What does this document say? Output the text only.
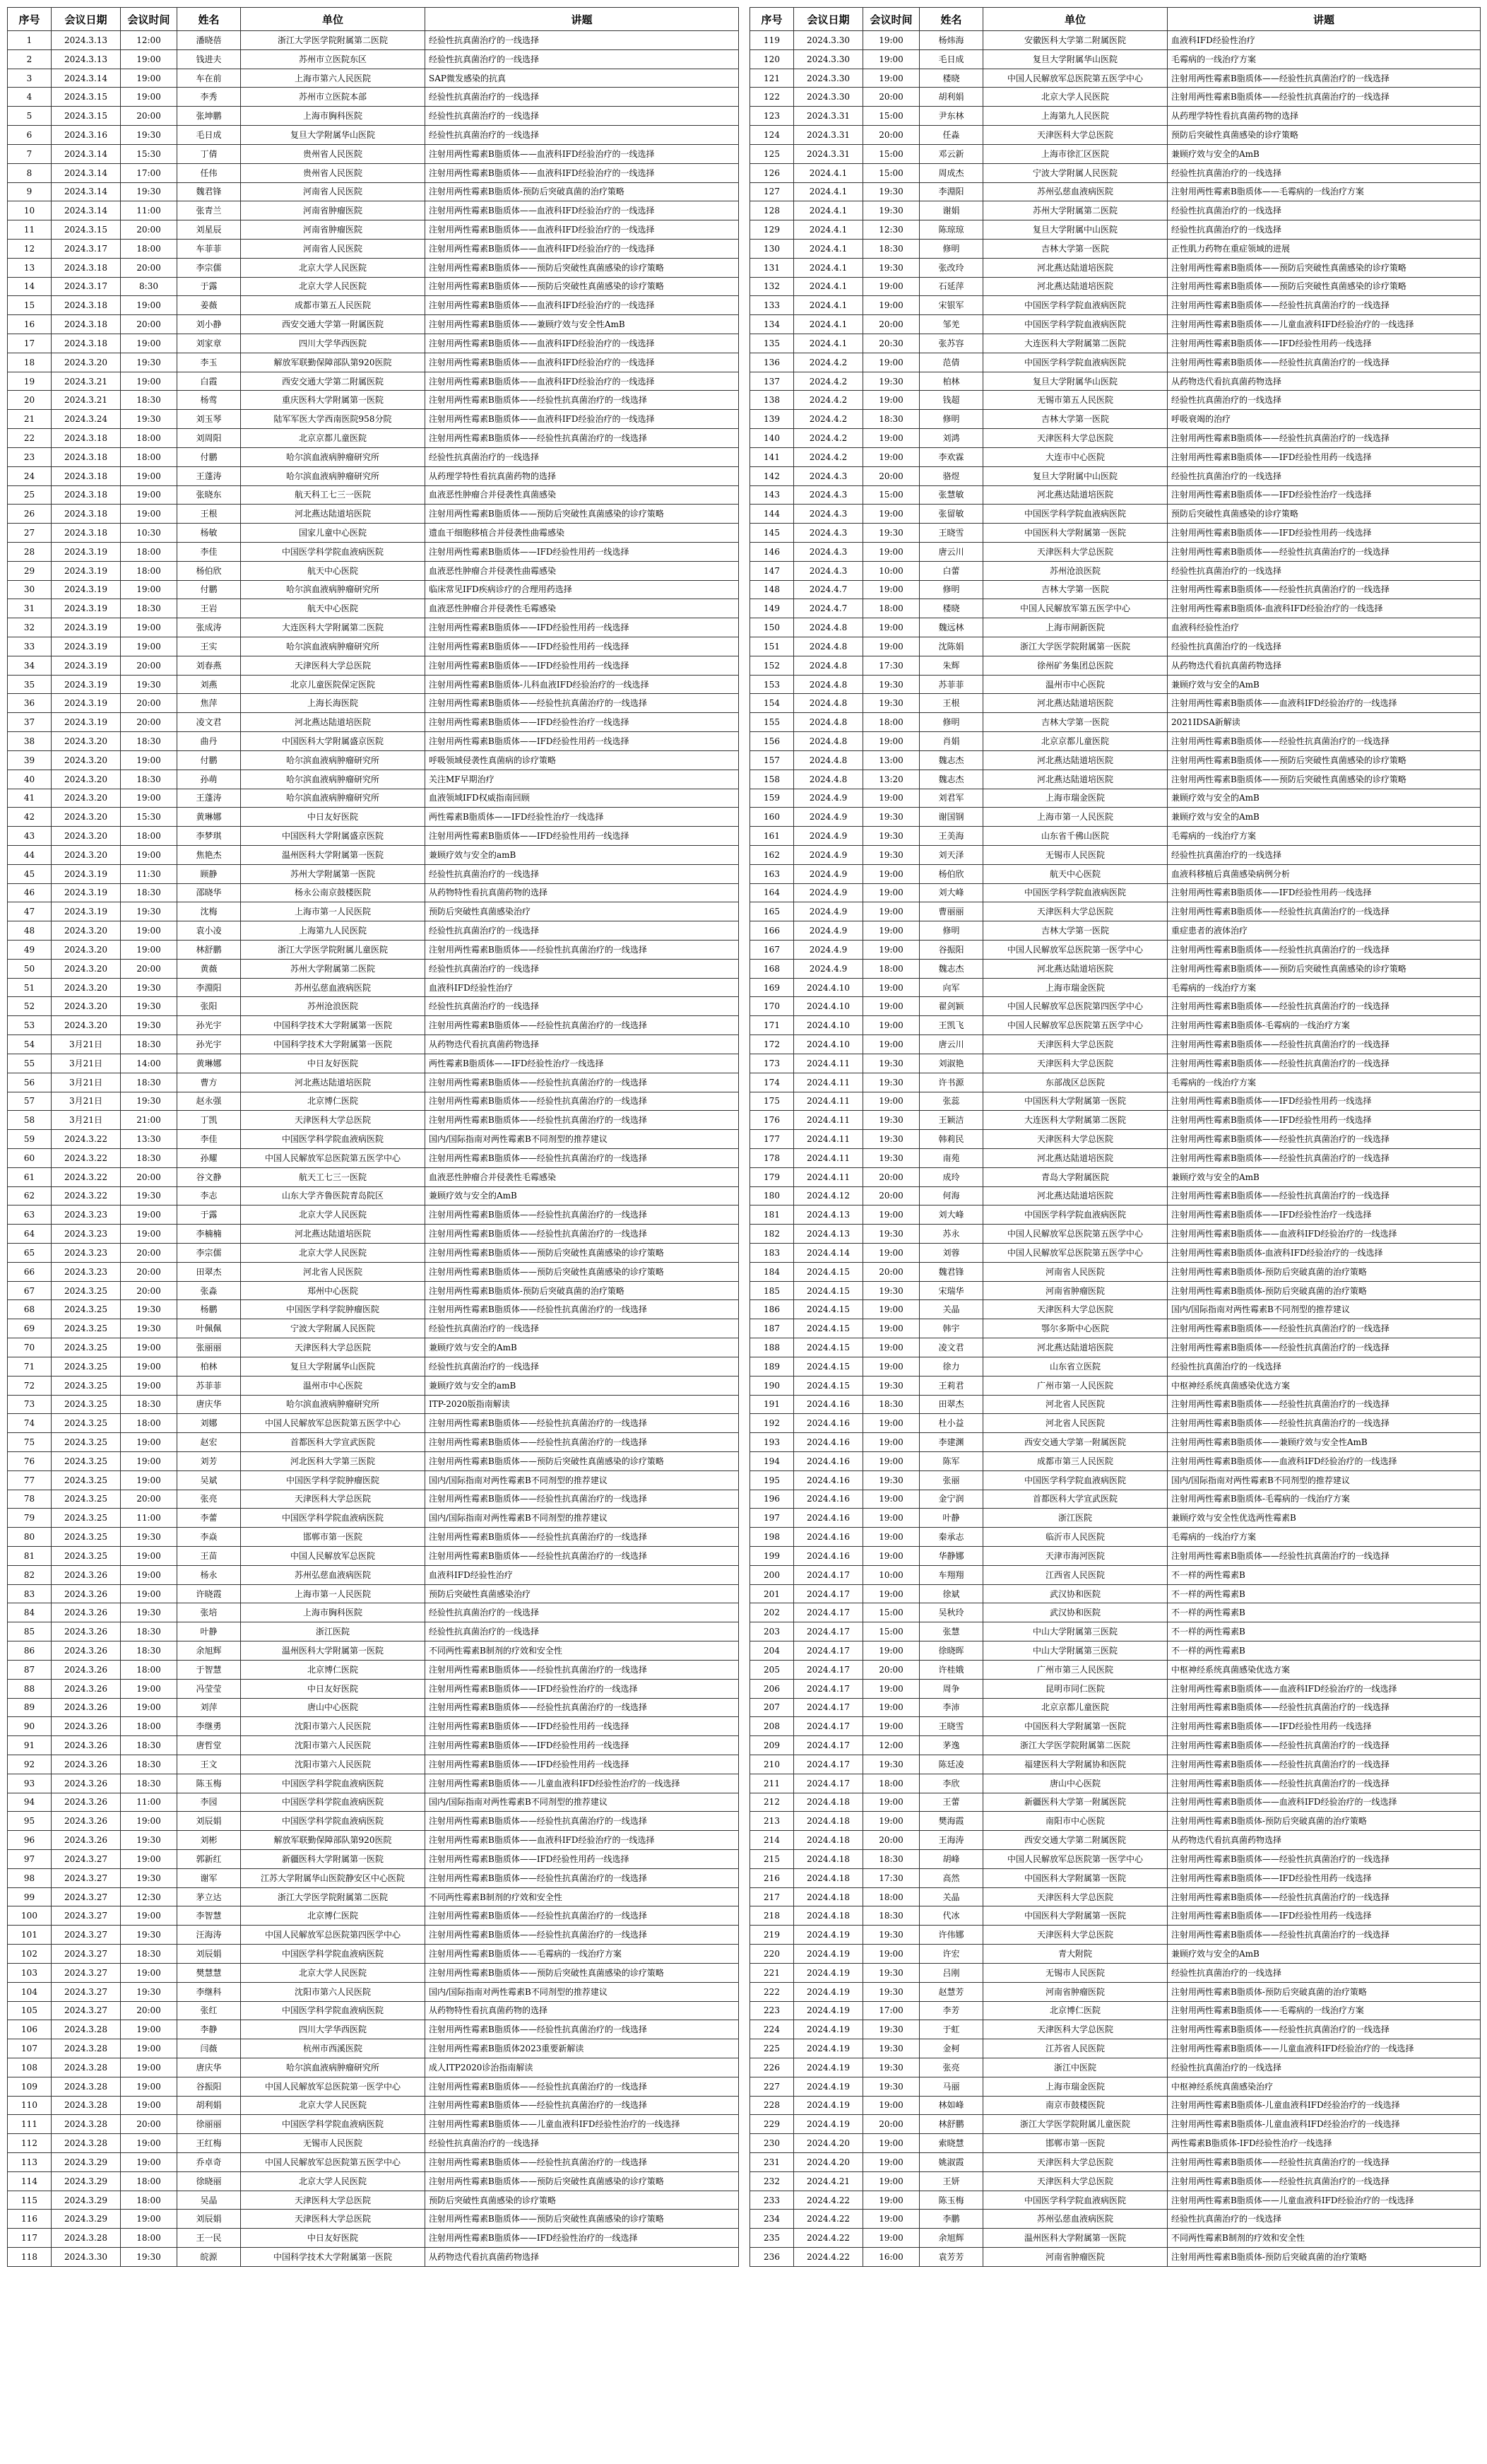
序号	会议日期	会议时间	姓名	单位	讲题
1	2024.3.13	12:00	潘晓蓓	浙江大学医学院附属第二医院	经验性抗真菌治疗的一线选择
2	2024.3.13	19:00	钱进夫	苏州市立医院东区	经验性抗真菌治疗的一线选择
3	2024.3.14	19:00	车在前	上海市第六人民医院	SAP微发感染的抗真
4	2024.3.15	19:00	李秀	苏州市立医院本部	经验性抗真菌治疗的一线选择
5	2024.3.15	20:00	张坤鹏	上海市胸科医院	经验性抗真菌治疗的一线选择
6	2024.3.16	19:30	毛日成	复旦大学附属华山医院	经验性抗真菌治疗的一线选择
7	2024.3.14	15:30	丁倩	贵州省人民医院	注射用两性霉素B脂质体——血液科IFD经验治疗的一线选择
8	2024.3.14	17:00	任伟	贵州省人民医院	注射用两性霉素B脂质体——血液科IFD经验治疗的一线选择
9	2024.3.14	19:30	魏君锋	河南省人民医院	注射用两性霉素B脂质体-预防后突破真菌的治疗策略
10	2024.3.14	11:00	张青兰	河南省肿瘤医院	注射用两性霉素B脂质体——血液科IFD经验治疗的一线选择
11	2024.3.15	20:00	刘星辰	河南省肿瘤医院	注射用两性霉素B脂质体——血液科IFD经验治疗的一线选择
12	2024.3.17	18:00	车菲菲	河南省人民医院	注射用两性霉素B脂质体——血液科IFD经验治疗的一线选择
13	2024.3.18	20:00	李宗儒	北京大学人民医院	注射用两性霉素B脂质体——预防后突破性真菌感染的诊疗策略
14	2024.3.17	8:30	于露	北京大学人民医院	注射用两性霉素B脂质体——预防后突破性真菌感染的诊疗策略
15	2024.3.18	19:00	姜薇	成都市第五人民医院	注射用两性霉素B脂质体——血液科IFD经验治疗的一线选择
16	2024.3.18	20:00	刘小静	西安交通大学第一附属医院	注射用两性霉素B脂质体——兼顾疗效与安全性AmB
17	2024.3.18	19:00	刘家章	四川大学华西医院	注射用两性霉素B脂质体——血液科IFD经验治疗的一线选择
18	2024.3.20	19:30	李玉	解放军联勤保障部队第920医院	注射用两性霉素B脂质体——血液科IFD经验治疗的一线选择
19	2024.3.21	19:00	白霞	西安交通大学第二附属医院	注射用两性霉素B脂质体——血液科IFD经验治疗的一线选择
20	2024.3.21	18:30	杨莺	重庆医科大学附属第一医院	注射用两性霉素B脂质体——经验性抗真菌治疗的一线选择
21	2024.3.24	19:30	刘玉琴	陆军军医大学西南医院958分院	注射用两性霉素B脂质体——血液科IFD经验治疗的一线选择
22	2024.3.18	18:00	刘周阳	北京京都儿童医院	注射用两性霉素B脂质体——经验性抗真菌治疗的一线选择
23	2024.3.18	18:00	付鹏	哈尔滨血液病肿瘤研究所	经验性抗真菌治疗的一线选择
24	2024.3.18	19:00	王蓬涛	哈尔滨血液病肿瘤研究所	从药理学特性看抗真菌药物的选择
25	2024.3.18	19:00	张晓东	航天科工七三一医院	血液恶性肿瘤合并侵袭性真菌感染
26	2024.3.18	19:00	王根	河北燕达陆道培医院	注射用两性霉素B脂质体——预防后突破性真菌感染的诊疗策略
27	2024.3.18	10:30	杨敏	国家儿童中心医院	遗血干细胞移植合并侵袭性曲霉感染
28	2024.3.19	18:00	李佳	中国医学科学院血液病医院	注射用两性霉素B脂质体——IFD经验性用药一线选择
29	2024.3.19	18:00	杨伯欣	航天中心医院	血液恶性肿瘤合并侵袭性曲霉感染
30	2024.3.19	19:00	付鹏	哈尔滨血液病肿瘤研究所	临床常见IFD疾病诊疗的合理用药选择
31	2024.3.19	18:30	王岩	航天中心医院	血液恶性肿瘤合并侵袭性毛霉感染
32	2024.3.19	19:00	张成涛	大连医科大学附属第二医院	注射用两性霉素B脂质体——IFD经验性用药一线选择
33	2024.3.19	19:00	王实	哈尔滨血液病肿瘤研究所	注射用两性霉素B脂质体——IFD经验性用药一线选择
34	2024.3.19	20:00	刘春燕	天津医科大学总医院	注射用两性霉素B脂质体——IFD经验性用药一线选择
35	2024.3.19	19:30	刘燕	北京儿童医院保定医院	注射用两性霉素B脂质体-儿科血液IFD经验治疗的一线选择
36	2024.3.19	20:00	焦萍	上海长海医院	注射用两性霉素B脂质体——经验性抗真菌治疗的一线选择
37	2024.3.19	20:00	凌文君	河北燕达陆道培医院	注射用两性霉素B脂质体——IFD经验性治疗一线选择
38	2024.3.20	18:30	曲丹	中国医科大学附属盛京医院	注射用两性霉素B脂质体——IFD经验性用药一线选择
39	2024.3.20	19:00	付鹏	哈尔滨血液病肿瘤研究所	呼吸领域侵袭性真菌病的诊疗策略
40	2024.3.20	18:30	孙萌	哈尔滨血液病肿瘤研究所	关注MF早期治疗
41	2024.3.20	19:00	王蓬涛	哈尔滨血液病肿瘤研究所	血液领域IFD权威指南回顾
42	2024.3.20	15:30	黄琳娜	中日友好医院	两性霉素B脂质体——IFD经验性治疗一线选择
43	2024.3.20	18:00	李梦琪	中国医科大学附属盛京医院	注射用两性霉素B脂质体——IFD经验性用药一线选择
44	2024.3.20	19:00	焦艳杰	温州医科大学附属第一医院	兼顾疗效与安全的amB
45	2024.3.19	11:30	顾静	苏州大学附属第一医院	经验性抗真菌治疗的一线选择
46	2024.3.19	18:30	邵晓华	杨永公南京鼓楼医院	从药物特性看抗真菌药物的选择
47	2024.3.19	19:30	沈梅	上海市第一人民医院	预防后突破性真菌感染治疗
48	2024.3.20	19:00	袁小凌	上海第九人民医院	经验性抗真菌治疗的一线选择
49	2024.3.20	19:00	林舒鹏	浙江大学医学院附属儿童医院	注射用两性霉素B脂质体——经验性抗真菌治疗的一线选择
50	2024.3.20	20:00	黄薇	苏州大学附属第二医院	经验性抗真菌治疗的一线选择
51	2024.3.20	19:30	李淵阳	苏州弘慈血液病医院	血液科IFD经验性治疗
52	2024.3.20	19:30	张阳	苏州沧浪医院	经验性抗真菌治疗的一线选择
53	2024.3.20	19:30	孙光宇	中国科学技术大学附属第一医院	注射用两性霉素B脂质体——经验性抗真菌治疗的一线选择
54	3月21日	18:30	孙光宇	中国科学技术大学附属第一医院	从药物迭代看抗真菌药物选择
55	3月21日	14:00	黄琳娜	中日友好医院	两性霉素B脂质体——IFD经验性治疗一线选择
56	3月21日	18:30	曹方	河北燕达陆道培医院	注射用两性霉素B脂质体——经验性抗真菌治疗的一线选择
57	3月21日	19:30	赵永强	北京博仁医院	注射用两性霉素B脂质体——经验性抗真菌治疗的一线选择
58	3月21日	21:00	丁凯	天津医科大学总医院	注射用两性霉素B脂质体——经验性抗真菌治疗的一线选择
59	2024.3.22	13:30	李佳	中国医学科学院血液病医院	国内/国际指南对两性霉素B不同剂型的推荐建议
60	2024.3.22	18:30	孙耀	中国人民解放军总医院第五医学中心	注射用两性霉素B脂质体——经验性抗真菌治疗的一线选择
61	2024.3.22	20:00	谷文静	航天工七三一医院	血液恶性肿瘤合并侵袭性毛霉感染
62	2024.3.22	19:30	李志	山东大学齐鲁医院青岛院区	兼顾疗效与安全的AmB
63	2024.3.23	19:00	于露	北京大学人民医院	注射用两性霉素B脂质体——经验性抗真菌治疗的一线选择
64	2024.3.23	19:00	李楠楠	河北燕达陆道培医院	注射用两性霉素B脂质体——经验性抗真菌治疗的一线选择
65	2024.3.23	20:00	李宗儒	北京大学人民医院	注射用两性霉素B脂质体——预防后突破性真菌感染的诊疗策略
66	2024.3.23	20:00	田翠杰	河北省人民医院	注射用两性霉素B脂质体——预防后突破性真菌感染的诊疗策略
67	2024.3.25	20:00	张淼	郑州中心医院	注射用两性霉素B脂质体-预防后突破真菌的治疗策略
68	2024.3.25	19:30	杨鹏	中国医学科学院肿瘤医院	注射用两性霉素B脂质体——经验性抗真菌治疗的一线选择
69	2024.3.25	19:30	叶佩佩	宁波大学附属人民医院	经验性抗真菌治疗的一线选择
70	2024.3.25	19:00	张丽丽	天津医科大学总医院	兼顾疗效与安全的AmB
71	2024.3.25	19:00	柏林	复旦大学附属华山医院	经验性抗真菌治疗的一线选择
72	2024.3.25	19:00	苏菲菲	温州市中心医院	兼顾疗效与安全的amB
73	2024.3.25	18:30	唐庆华	哈尔滨血液病肿瘤研究所	ITP-2020版指南解读
74	2024.3.25	18:00	刘娜	中国人民解放军总医院第五医学中心	注射用两性霉素B脂质体——经验性抗真菌治疗的一线选择
75	2024.3.25	19:00	赵宏	首都医科大学宣武医院	注射用两性霉素B脂质体——经验性抗真菌治疗的一线选择
76	2024.3.25	19:00	刘芳	河北医科大学第三医院	注射用两性霉素B脂质体——预防后突破性真菌感染的诊疗策略
77	2024.3.25	19:00	吴斌	中国医学科学院肿瘤医院	国内/国际指南对两性霉素B不同剂型的推荐建议
78	2024.3.25	20:00	张亮	天津医科大学总医院	注射用两性霉素B脂质体——经验性抗真菌治疗的一线选择
79	2024.3.25	11:00	李蕾	中国医学科学院血液病医院	国内/国际指南对两性霉素B不同剂型的推荐建议
80	2024.3.25	19:30	李焱	邯郸市第一医院	注射用两性霉素B脂质体——经验性抗真菌治疗的一线选择
81	2024.3.25	19:00	王苗	中国人民解放军总医院	注射用两性霉素B脂质体——经验性抗真菌治疗的一线选择
82	2024.3.26	19:00	杨永	苏州弘慈血液病医院	血液科IFD经验性治疗
83	2024.3.26	19:00	许晓霞	上海市第一人民医院	预防后突破性真菌感染治疗
84	2024.3.26	19:30	张培	上海市胸科医院	经验性抗真菌治疗的一线选择
85	2024.3.26	18:30	叶静	浙江医院	经验性抗真菌治疗的一线选择
86	2024.3.26	18:30	余旭辉	温州医科大学附属第一医院	不同两性霉素B制剂的疗效和安全性
87	2024.3.26	18:00	于智慧	北京博仁医院	注射用两性霉素B脂质体——经验性抗真菌治疗的一线选择
88	2024.3.26	19:00	冯莹莹	中日友好医院	注射用两性霉素B脂质体——IFD经验性治疗的一线选择
89	2024.3.26	19:00	刘萍	唐山中心医院	注射用两性霉素B脂质体——经验性抗真菌治疗的一线选择
90	2024.3.26	18:00	李继勇	沈阳市第六人民医院	注射用两性霉素B脂质体——IFD经验性用药一线选择
91	2024.3.26	18:30	唐哲堂	沈阳市第六人民医院	注射用两性霉素B脂质体——IFD经验性用药一线选择
92	2024.3.26	18:30	王文	沈阳市第六人民医院	注射用两性霉素B脂质体——IFD经验性用药一线选择
93	2024.3.26	18:30	陈玉梅	中国医学科学院血液病医院	注射用两性霉素B脂质体——儿童血液科IFD经验性治疗的一线选择
94	2024.3.26	11:00	李园	中国医学科学院血液病医院	国内/国际指南对两性霉素B不同剂型的推荐建议
95	2024.3.26	19:00	刘辰娟	中国医学科学院血液病医院	注射用两性霉素B脂质体——经验性抗真菌治疗的一线选择
96	2024.3.26	19:30	刘彬	解放军联勤保障部队第920医院	注射用两性霉素B脂质体——血液科IFD经验治疗的一线选择
97	2024.3.27	19:00	郭新红	新疆医科大学附属第一医院	注射用两性霉素B脂质体——IFD经验性用药一线选择
98	2024.3.27	19:30	谢军	江苏大学附属华山医院静安区中心医院	注射用两性霉素B脂质体——经验性抗真菌治疗的一线选择
99	2024.3.27	12:30	茅立达	浙江大学医学院附属第二医院	不同两性霉素B制剂的疗效和安全性
100	2024.3.27	19:00	李智慧	北京博仁医院	注射用两性霉素B脂质体——经验性抗真菌治疗的一线选择
101	2024.3.27	19:30	汪海涛	中国人民解放军总医院第四医学中心	注射用两性霉素B脂质体——经验性抗真菌治疗的一线选择
102	2024.3.27	18:30	刘辰娟	中国医学科学院血液病医院	注射用两性霉素B脂质体——毛霉病的一线治疗方案
103	2024.3.27	19:00	樊慧慧	北京大学人民医院	注射用两性霉素B脂质体——预防后突破性真菌感染的诊疗策略
104	2024.3.27	19:30	李继科	沈阳市第六人民医院	国内/国际指南对两性霉素B不同剂型的推荐建议
105	2024.3.27	20:00	张红	中国医学科学院血液病医院	从药物特性看抗真菌药物的选择
106	2024.3.28	19:00	李静	四川大学华西医院	注射用两性霉素B脂质体——经验性抗真菌治疗的一线选择
107	2024.3.28	19:00	闫薇	杭州市西溪医院	注射用两性霉素B脂质体2023重要新解读
108	2024.3.28	19:00	唐庆华	哈尔滨血液病肿瘤研究所	成人ITP2020诊治指南解读
109	2024.3.28	19:00	谷振阳	中国人民解放军总医院第一医学中心	注射用两性霉素B脂质体——经验性抗真菌治疗的一线选择
110	2024.3.28	19:00	胡利娟	北京大学人民医院	注射用两性霉素B脂质体——经验性抗真菌治疗的一线选择
111	2024.3.28	20:00	徐丽丽	中国医学科学院血液病医院	注射用两性霉素B脂质体——儿童血液科IFD经验性治疗的一线选择
112	2024.3.28	19:00	王红梅	无锡市人民医院	经验性抗真菌治疗的一线选择
113	2024.3.29	19:00	乔卓奇	中国人民解放军总医院第五医学中心	注射用两性霉素B脂质体——经验性抗真菌治疗的一线选择
114	2024.3.29	18:00	徐晓丽	北京大学人民医院	注射用两性霉素B脂质体——预防后突破性真菌感染的诊疗策略
115	2024.3.29	18:00	吴晶	天津医科大学总医院	预防后突破性真菌感染的诊疗策略
116	2024.3.29	19:00	刘辰娟	天津医科大学总医院	注射用两性霉素B脂质体——预防后突破性真菌感染的诊疗策略
117	2024.3.28	18:00	王一民	中日友好医院	注射用两性霉素B脂质体——IFD经验性治疗的一线选择
118	2024.3.30	19:30	皖源	中国科学技术大学附属第一医院	从药物迭代看抗真菌药物选择
序号	会议日期	会议时间	姓名	单位	讲题
119	2024.3.30	19:00	杨炜海	安徽医科大学第二附属医院	血液科IFD经验性治疗
120	2024.3.30	19:00	毛日成	复旦大学附属华山医院	毛霉病的一线治疗方案
121	2024.3.30	19:00	楼晓	中国人民解放军总医院第五医学中心	注射用两性霉素B脂质体——经验性抗真菌治疗的一线选择
122	2024.3.30	20:00	胡利娟	北京大学人民医院	注射用两性霉素B脂质体——经验性抗真菌治疗的一线选择
123	2024.3.31	15:00	尹东林	上海第九人民医院	从药理学特性看抗真菌药物的选择
124	2024.3.31	20:00	任淼	天津医科大学总医院	预防后突破性真菌感染的诊疗策略
125	2024.3.31	15:00	邓云新	上海市徐汇区医院	兼顾疗效与安全的AmB
126	2024.4.1	15:00	周成杰	宁波大学附属人民医院	经验性抗真菌治疗的一线选择
127	2024.4.1	19:30	李淵阳	苏州弘慈血液病医院	注射用两性霉素B脂质体——毛霉病的一线治疗方案
128	2024.4.1	19:30	谢娟	苏州大学附属第二医院	经验性抗真菌治疗的一线选择
129	2024.4.1	12:30	陈琼琼	复旦大学附属中山医院	经验性抗真菌治疗的一线选择
130	2024.4.1	18:30	修明	吉林大学第一医院	正性肌力药物在重症领域的进展
131	2024.4.1	19:30	张改玲	河北燕达陆道培医院	注射用两性霉素B脂质体——预防后突破性真菌感染的诊疗策略
132	2024.4.1	19:00	石延萍	河北燕达陆道培医院	注射用两性霉素B脂质体——预防后突破性真菌感染的诊疗策略
133	2024.4.1	19:00	宋银军	中国医学科学院血液病医院	注射用两性霉素B脂质体——经验性抗真菌治疗的一线选择
134	2024.4.1	20:00	邹羌	中国医学科学院血液病医院	注射用两性霉素B脂质体——儿童血液科IFD经验治疗的一线选择
135	2024.4.1	20:30	张苏容	大连医科大学附属第二医院	注射用两性霉素B脂质体——IFD经验性用药一线选择
136	2024.4.2	19:00	范倩	中国医学科学院血液病医院	注射用两性霉素B脂质体——经验性抗真菌治疗的一线选择
137	2024.4.2	19:30	柏林	复旦大学附属华山医院	从药物迭代看抗真菌药物选择
138	2024.4.2	19:00	钱超	无锡市第五人民医院	经验性抗真菌治疗的一线选择
139	2024.4.2	18:30	修明	吉林大学第一医院	呼吸衰竭的治疗
140	2024.4.2	19:00	刘鸿	天津医科大学总医院	注射用两性霉素B脂质体——经验性抗真菌治疗的一线选择
141	2024.4.2	19:00	李欢霖	大连市中心医院	注射用两性霉素B脂质体——IFD经验性用药一线选择
142	2024.4.3	20:00	骆煜	复旦大学附属中山医院	经验性抗真菌治疗的一线选择
143	2024.4.3	15:00	张慧敏	河北燕达陆道培医院	注射用两性霉素B脂质体——IFD经验性治疗一线选择
144	2024.4.3	19:00	张留敏	中国医学科学院血液病医院	预防后突破性真菌感染的诊疗策略
145	2024.4.3	19:30	王晓雪	中国医科大学附属第一医院	注射用两性霉素B脂质体——IFD经验性用药一线选择
146	2024.4.3	19:00	唐云川	天津医科大学总医院	注射用两性霉素B脂质体——经验性抗真菌治疗的一线选择
147	2024.4.3	10:00	白蕾	苏州沧浪医院	经验性抗真菌治疗的一线选择
148	2024.4.7	19:00	修明	吉林大学第一医院	注射用两性霉素B脂质体——经验性抗真菌治疗的一线选择
149	2024.4.7	18:00	楼晓	中国人民解放军第五医学中心	注射用两性霉素B脂质体-血液科IFD经验治疗的一线选择
150	2024.4.8	19:00	魏远林	上海市闸新医院	血液科经验性治疗
151	2024.4.8	19:00	沈陈娟	浙江大学医学院附属第一医院	经验性抗真菌治疗的一线选择
152	2024.4.8	17:30	朱辉	徐州矿务集团总医院	从药物迭代看抗真菌药物选择
153	2024.4.8	19:30	苏菲菲	温州市中心医院	兼顾疗效与安全的AmB
154	2024.4.8	19:30	王根	河北燕达陆道培医院	注射用两性霉素B脂质体——血液科IFD经验治疗的一线选择
155	2024.4.8	18:00	修明	吉林大学第一医院	2021IDSA新解读
156	2024.4.8	19:00	肖娟	北京京都儿童医院	注射用两性霉素B脂质体——经验性抗真菌治疗的一线选择
157	2024.4.8	13:00	魏志杰	河北燕达陆道培医院	注射用两性霉素B脂质体——预防后突破性真菌感染的诊疗策略
158	2024.4.8	13:20	魏志杰	河北燕达陆道培医院	注射用两性霉素B脂质体——预防后突破性真菌感染的诊疗策略
159	2024.4.9	19:00	刘君军	上海市瑞金医院	兼顾疗效与安全的AmB
160	2024.4.9	19:30	谢国钢	上海市第一人民医院	兼顾疗效与安全的AmB
161	2024.4.9	19:30	王美海	山东省千佛山医院	毛霉病的一线治疗方案
162	2024.4.9	19:30	刘天泽	无锡市人民医院	经验性抗真菌治疗的一线选择
163	2024.4.9	19:00	杨伯欣	航天中心医院	血液科移植后真菌感染病例分析
164	2024.4.9	19:00	刘大峰	中国医学科学院血液病医院	注射用两性霉素B脂质体——IFD经验性用药一线选择
165	2024.4.9	19:00	曹丽丽	天津医科大学总医院	注射用两性霉素B脂质体——经验性抗真菌治疗的一线选择
166	2024.4.9	19:00	修明	吉林大学第一医院	重症患者的液体治疗
167	2024.4.9	19:00	谷振阳	中国人民解放军总医院第一医学中心	注射用两性霉素B脂质体——经验性抗真菌治疗的一线选择
168	2024.4.9	18:00	魏志杰	河北燕达陆道培医院	注射用两性霉素B脂质体——预防后突破性真菌感染的诊疗策略
169	2024.4.10	19:00	向军	上海市瑞金医院	毛霉病的一线治疗方案
170	2024.4.10	19:00	翟剑颖	中国人民解放军总医院第四医学中心	注射用两性霉素B脂质体——经验性抗真菌治疗的一线选择
171	2024.4.10	19:00	王凯飞	中国人民解放军总医院第五医学中心	注射用两性霉素B脂质体-毛霉病的一线治疗方案
172	2024.4.10	19:00	唐云川	天津医科大学总医院	注射用两性霉素B脂质体——经验性抗真菌治疗的一线选择
173	2024.4.11	19:30	刘淑艳	天津医科大学总医院	注射用两性霉素B脂质体——经验性抗真菌治疗的一线选择
174	2024.4.11	19:30	许书源	东部战区总医院	毛霉病的一线治疗方案
175	2024.4.11	19:00	张蕊	中国医科大学附属第一医院	注射用两性霉素B脂质体——IFD经验性用药一线选择
176	2024.4.11	19:30	王颖洁	大连医科大学附属第二医院	注射用两性霉素B脂质体——IFD经验性用药一线选择
177	2024.4.11	19:30	韩莉民	天津医科大学总医院	注射用两性霉素B脂质体——经验性抗真菌治疗的一线选择
178	2024.4.11	19:30	南苑	河北燕达陆道培医院	注射用两性霉素B脂质体——经验性抗真菌治疗的一线选择
179	2024.4.11	20:00	成玲	青岛大学附属医院	兼顾疗效与安全的AmB
180	2024.4.12	20:00	何海	河北燕达陆道培医院	注射用两性霉素B脂质体——经验性抗真菌治疗的一线选择
181	2024.4.13	19:00	刘大峰	中国医学科学院血液病医院	注射用两性霉素B脂质体——IFD经验性治疗一线选择
182	2024.4.13	19:30	苏永	中国人民解放军总医院第五医学中心	注射用两性霉素B脂质体——血液科IFD经验治疗的一线选择
183	2024.4.14	19:00	刘蓉	中国人民解放军总医院第五医学中心	注射用两性霉素B脂质体-血液科IFD经验治疗的一线选择
184	2024.4.15	20:00	魏君锋	河南省人民医院	注射用两性霉素B脂质体-预防后突破真菌的治疗策略
185	2024.4.15	19:30	宋瑞华	河南省肿瘤医院	注射用两性霉素B脂质体-预防后突破真菌的治疗策略
186	2024.4.15	19:00	关晶	天津医科大学总医院	国内/国际指南对两性霉素B不同剂型的推荐建议
187	2024.4.15	19:00	韩宇	鄂尔多斯中心医院	注射用两性霉素B脂质体——经验性抗真菌治疗的一线选择
188	2024.4.15	19:00	凌文君	河北燕达陆道培医院	注射用两性霉素B脂质体——经验性抗真菌治疗的一线选择
189	2024.4.15	19:00	徐力	山东省立医院	经验性抗真菌治疗的一线选择
190	2024.4.15	19:30	王莉君	广州市第一人民医院	中枢神经系统真菌感染优选方案
191	2024.4.16	18:30	田翠杰	河北省人民医院	注射用两性霉素B脂质体——经验性抗真菌治疗的一线选择
192	2024.4.16	19:00	杜小益	河北省人民医院	注射用两性霉素B脂质体——经验性抗真菌治疗的一线选择
193	2024.4.16	19:00	李建渊	西安交通大学第一附属医院	注射用两性霉素B脂质体——兼顾疗效与安全性AmB
194	2024.4.16	19:00	陈军	成都市第三人民医院	注射用两性霉素B脂质体——血液科IFD经验治疗的一线选择
195	2024.4.16	19:30	张丽	中国医学科学院血液病医院	国内/国际指南对两性霉素B不同剂型的推荐建议
196	2024.4.16	19:00	金宁润	首都医科大学宣武医院	注射用两性霉素B脂质体-毛霉病的一线治疗方案
197	2024.4.16	19:00	叶静	浙江医院	兼顾疗效与安全性优选两性霉素B
198	2024.4.16	19:00	秦承志	临沂市人民医院	毛霉病的一线治疗方案
199	2024.4.16	19:00	华静娜	天津市海河医院	注射用两性霉素B脂质体——经验性抗真菌治疗的一线选择
200	2024.4.17	10:00	车翔翔	江西省人民医院	不一样的两性霉素B
201	2024.4.17	19:00	徐斌	武汉协和医院	不一样的两性霉素B
202	2024.4.17	15:00	吴秋玲	武汉协和医院	不一样的两性霉素B
203	2024.4.17	15:00	张慧	中山大学附属第三医院	不一样的两性霉素B
204	2024.4.17	19:00	徐晓晖	中山大学附属第三医院	不一样的两性霉素B
205	2024.4.17	20:00	许桂娥	广州市第三人民医院	中枢神经系统真菌感染优选方案
206	2024.4.17	19:00	周争	昆明市同仁医院	注射用两性霉素B脂质体——血液科IFD经验治疗的一线选择
207	2024.4.17	19:00	李沛	北京京都儿童医院	注射用两性霉素B脂质体——经验性抗真菌治疗的一线选择
208	2024.4.17	19:00	王晓雪	中国医科大学附属第一医院	注射用两性霉素B脂质体——IFD经验性用药一线选择
209	2024.4.17	12:00	茅逸	浙江大学医学院附属第二医院	注射用两性霉素B脂质体——经验性抗真菌治疗的一线选择
210	2024.4.17	19:30	陈廷凌	福建医科大学附属协和医院	注射用两性霉素B脂质体——经验性抗真菌治疗的一线选择
211	2024.4.17	18:00	李欣	唐山中心医院	注射用两性霉素B脂质体——经验性抗真菌治疗的一线选择
212	2024.4.18	19:00	王蕾	新疆医科大学第一附属医院	注射用两性霉素B脂质体——血液科IFD经验治疗的一线选择
213	2024.4.18	19:00	樊海霞	南阳市中心医院	注射用两性霉素B脂质体-预防后突破真菌的治疗策略
214	2024.4.18	20:00	王海涛	西安交通大学第二附属医院	从药物迭代看抗真菌药物选择
215	2024.4.18	18:30	胡峰	中国人民解放军总医院第一医学中心	注射用两性霉素B脂质体——经验性抗真菌治疗的一线选择
216	2024.4.18	17:30	高然	中国医科大学附属第一医院	注射用两性霉素B脂质体——IFD经验性用药一线选择
217	2024.4.18	18:00	关晶	天津医科大学总医院	注射用两性霉素B脂质体——经验性抗真菌治疗的一线选择
218	2024.4.18	18:30	代冰	中国医科大学附属第一医院	注射用两性霉素B脂质体——IFD经验性用药一线选择
219	2024.4.19	19:30	许伟娜	天津医科大学总医院	注射用两性霉素B脂质体——经验性抗真菌治疗的一线选择
220	2024.4.19	19:00	许宏	青大附院	兼顾疗效与安全的AmB
221	2024.4.19	19:30	吕刚	无锡市人民医院	经验性抗真菌治疗的一线选择
222	2024.4.19	19:30	赵慧芳	河南省肿瘤医院	注射用两性霉素B脂质体-预防后突破真菌的治疗策略
223	2024.4.19	17:00	李芳	北京博仁医院	注射用两性霉素B脂质体——毛霉病的一线治疗方案
224	2024.4.19	19:30	于虹	天津医科大学总医院	注射用两性霉素B脂质体——经验性抗真菌治疗的一线选择
225	2024.4.19	19:30	金柯	江苏省人民医院	注射用两性霉素B脂质体——儿童血液科IFD经验治疗的一线选择
226	2024.4.19	19:30	张亮	浙江中医院	经验性抗真菌治疗的一线选择
227	2024.4.19	19:30	马丽	上海市瑞金医院	中枢神经系统真菌感染治疗
228	2024.4.19	19:00	林如峰	南京市鼓楼医院	注射用两性霉素B脂质体-儿童血液科IFD经验治疗的一线选择
229	2024.4.19	20:00	林舒鹏	浙江大学医学院附属儿童医院	注射用两性霉素B脂质体-儿童血液科IFD经验治疗的一线选择
230	2024.4.20	19:00	索晓慧	邯郸市第一医院	两性霉素B脂质体-IFD经验性治疗一线选择
231	2024.4.20	19:00	姚淑霞	天津医科大学总医院	注射用两性霉素B脂质体——经验性抗真菌治疗的一线选择
232	2024.4.21	19:00	王妍	天津医科大学总医院	注射用两性霉素B脂质体——经验性抗真菌治疗的一线选择
233	2024.4.22	19:00	陈玉梅	中国医学科学院血液病医院	注射用两性霉素B脂质体——儿童血液科IFD经验治疗的一线选择
234	2024.4.22	19:00	李鹏	苏州弘慈血液病医院	经验性抗真菌治疗的一线选择
235	2024.4.22	19:00	余旭辉	温州医科大学附属第一医院	不同两性霉素B制剂的疗效和安全性
236	2024.4.22	16:00	袁芳芳	河南省肿瘤医院	注射用两性霉素B脂质体-预防后突破真菌的治疗策略
